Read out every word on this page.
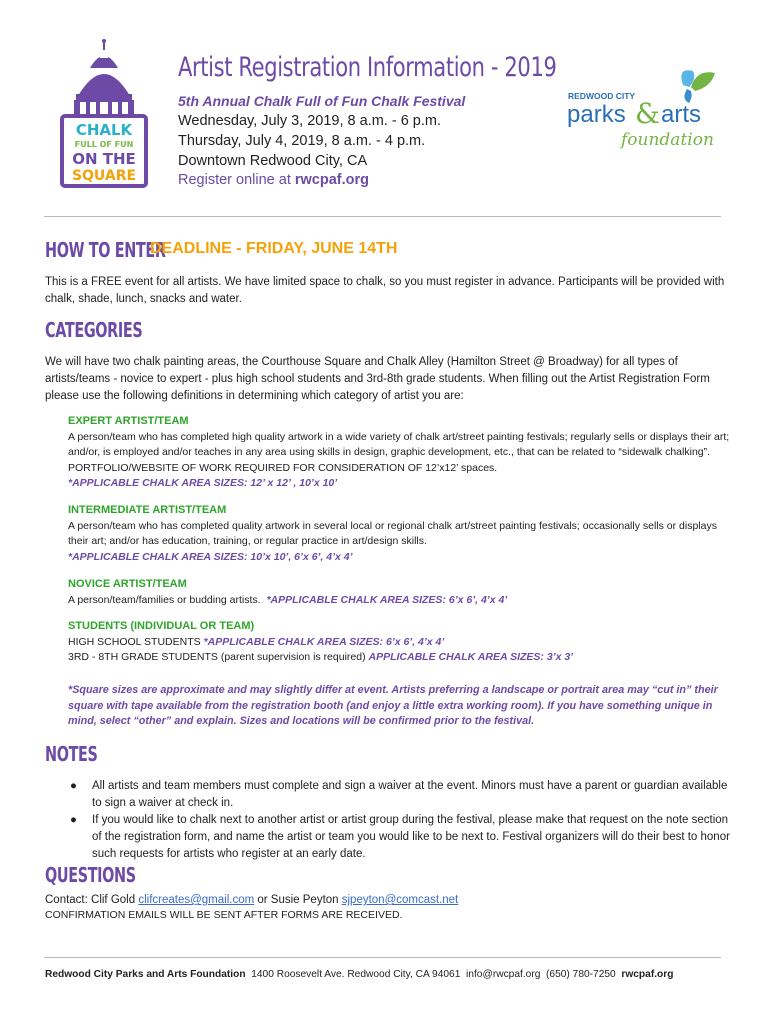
CHALK
FULL OF FUN
ON THE
SQUARE
Artist Registration Information - 2019
5th Annual Chalk Full of Fun Chalk Festival
Wednesday, July 3, 2019, 8 a.m. - 6 p.m.
Thursday, July 4, 2019, 8 a.m. - 4 p.m.
Downtown Redwood City, CA
Register online at rwcpaf.org
REDWOOD CITY
parks & arts
foundation
HOW TO ENTER
DEADLINE - FRIDAY, JUNE 14TH
This is a FREE event for all artists. We have limited space to chalk, so you must register in advance. Participants will be provided with chalk, shade, lunch, snacks and water.
CATEGORIES
We will have two chalk painting areas, the Courthouse Square and Chalk Alley (Hamilton Street @ Broadway) for all types of artists/teams - novice to expert - plus high school students and 3rd-8th grade students. When filling out the Artist Registration Form please use the following definitions in determining which category of artist you are:
EXPERT ARTIST/TEAM
A person/team who has completed high quality artwork in a wide variety of chalk art/street painting festivals; regularly sells or displays their art; and/or, is employed and/or teaches in any area using skills in design, graphic development, etc., that can be related to “sidewalk chalking”. PORTFOLIO/WEBSITE OF WORK REQUIRED FOR CONSIDERATION OF 12’x12’ spaces.
*APPLICABLE CHALK AREA SIZES: 12’ x 12’ , 10’x 10’
INTERMEDIATE ARTIST/TEAM
A person/team who has completed quality artwork in several local or regional chalk art/street painting festivals; occasionally sells or displays their art; and/or has education, training, or regular practice in art/design skills.
*APPLICABLE CHALK AREA SIZES: 10’x 10’, 6’x 6’, 4’x 4’
NOVICE ARTIST/TEAM
A person/team/families or budding artists. *APPLICABLE CHALK AREA SIZES: 6’x 6’, 4’x 4’
STUDENTS (INDIVIDUAL OR TEAM)
HIGH SCHOOL STUDENTS *APPLICABLE CHALK AREA SIZES: 6’x 6’, 4’x 4’
3RD - 8TH GRADE STUDENTS (parent supervision is required) APPLICABLE CHALK AREA SIZES: 3’x 3’
*Square sizes are approximate and may slightly differ at event. Artists preferring a landscape or portrait area may “cut in” their square with tape available from the registration booth (and enjoy a little extra working room). If you have something unique in mind, select “other” and explain. Sizes and locations will be confirmed prior to the festival.
NOTES
● All artists and team members must complete and sign a waiver at the event. Minors must have a parent or guardian available to sign a waiver at check in.
● If you would like to chalk next to another artist or artist group during the festival, please make that request on the note section of the registration form, and name the artist or team you would like to be next to. Festival organizers will do their best to honor such requests for artists who register at an early date.
QUESTIONS
Contact: Clif Gold clifcreates@gmail.com or Susie Peyton sjpeyton@comcast.net
CONFIRMATION EMAILS WILL BE SENT AFTER FORMS ARE RECEIVED.
Redwood City Parks and Arts Foundation  1400 Roosevelt Ave. Redwood City, CA 94061  info@rwcpaf.org  (650) 780-7250  rwcpaf.org
